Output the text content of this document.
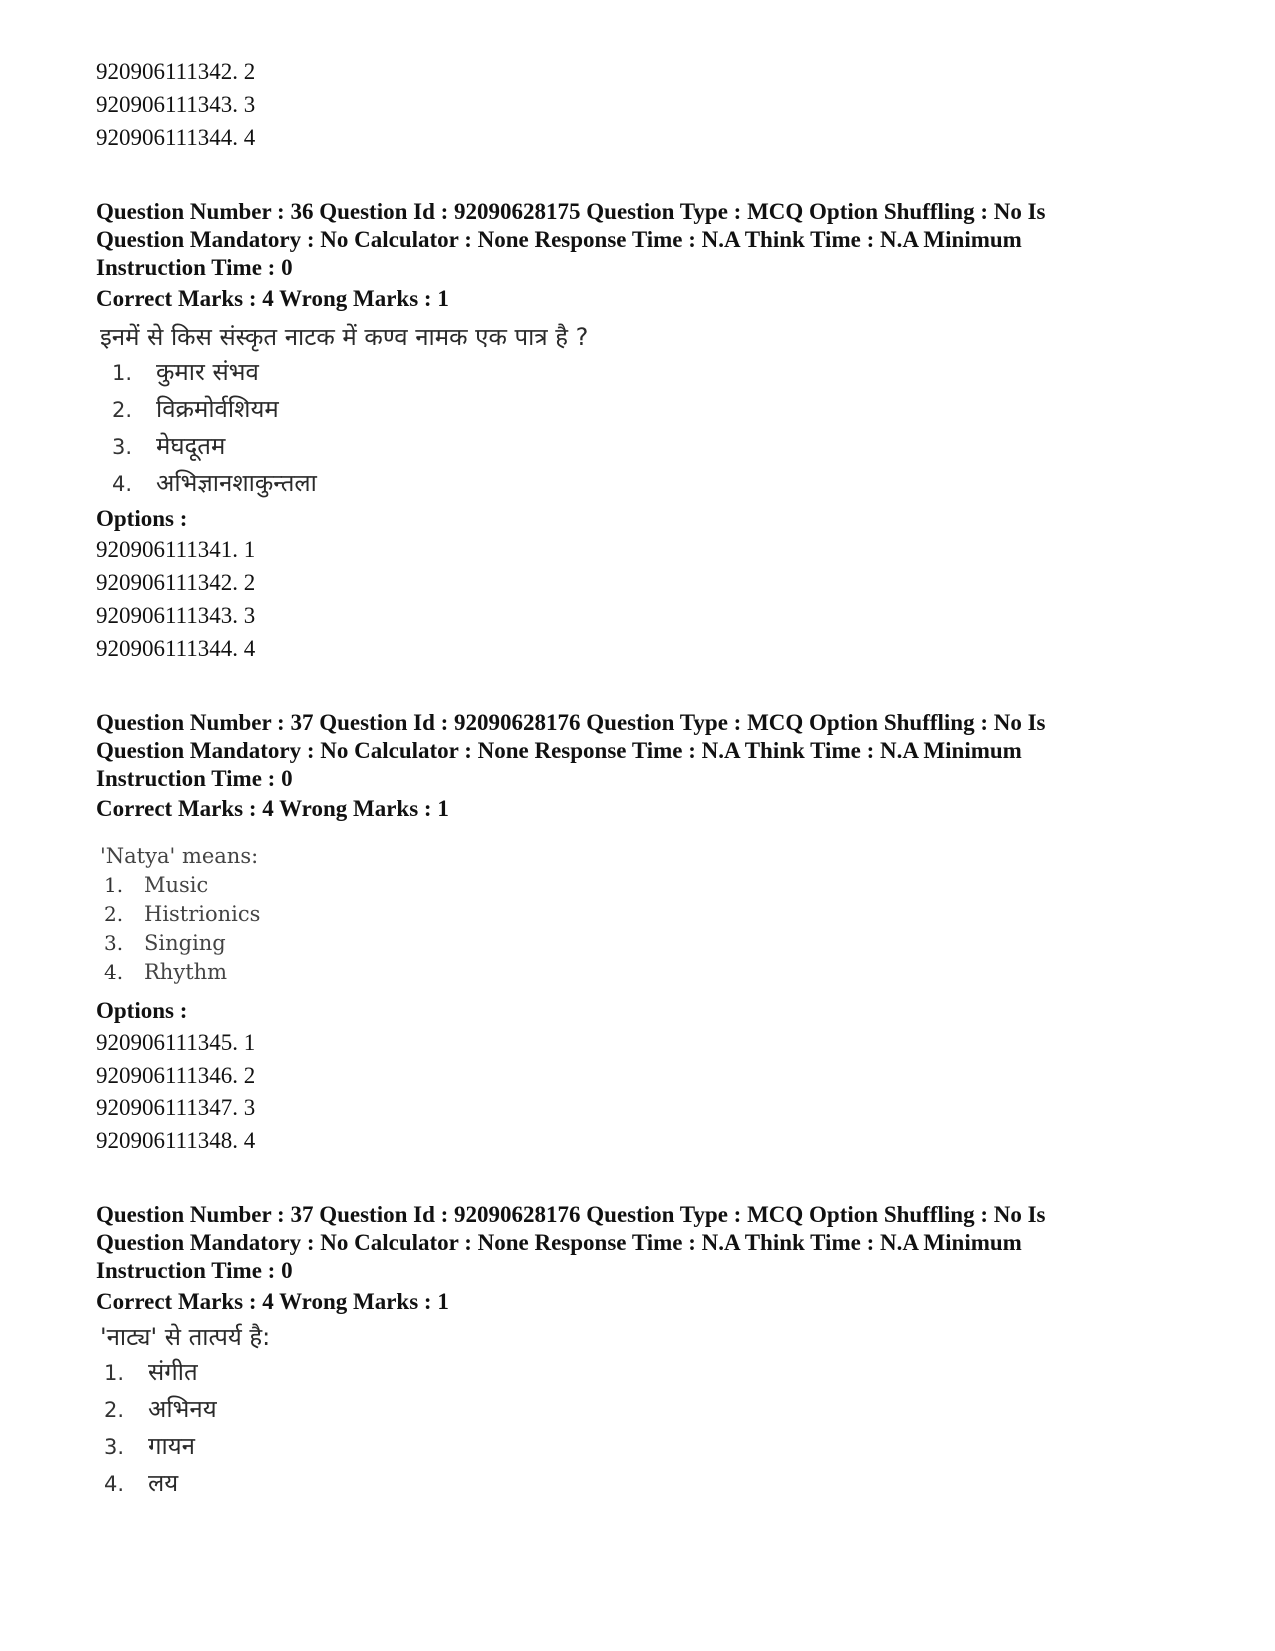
920906111342. 2
920906111343. 3
920906111344. 4
Question Number : 36 Question Id : 92090628175 Question Type : MCQ Option Shuffling : No Is Question Mandatory : No Calculator : None Response Time : N.A Think Time : N.A Minimum Instruction Time : 0
Correct Marks : 4 Wrong Marks : 1
इनमें से किस संस्कृत नाटक में कण्व नामक एक पात्र है ?
1. कुमार संभव
2. विक्रमोर्वशियम
3. मेघदूतम
4. अभिज्ञानशाकुन्तला
Options :
920906111341. 1
920906111342. 2
920906111343. 3
920906111344. 4
Question Number : 37 Question Id : 92090628176 Question Type : MCQ Option Shuffling : No Is Question Mandatory : No Calculator : None Response Time : N.A Think Time : N.A Minimum Instruction Time : 0
Correct Marks : 4 Wrong Marks : 1
'Natya' means:
1. Music
2. Histrionics
3. Singing
4. Rhythm
Options :
920906111345. 1
920906111346. 2
920906111347. 3
920906111348. 4
Question Number : 37 Question Id : 92090628176 Question Type : MCQ Option Shuffling : No Is Question Mandatory : No Calculator : None Response Time : N.A Think Time : N.A Minimum Instruction Time : 0
Correct Marks : 4 Wrong Marks : 1
'नाट्य' से तात्पर्य है:
1. संगीत
2. अभिनय
3. गायन
4. लय
